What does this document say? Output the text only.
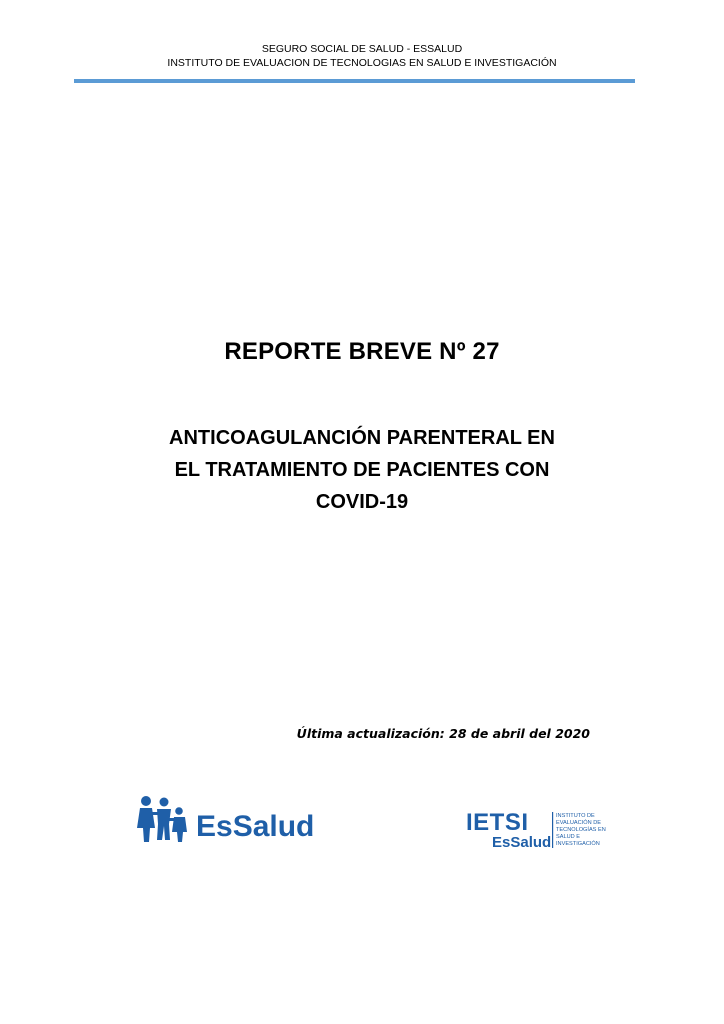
SEGURO SOCIAL DE SALUD - ESSALUD
INSTITUTO DE EVALUACION DE TECNOLOGIAS EN SALUD E INVESTIGACIÓN
REPORTE BREVE Nº 27
ANTICOAGULANCIÓN PARENTERAL EN
EL TRATAMIENTO DE PACIENTES CON
COVID-19
Última actualización: 28 de abril del 2020
EsSalud	IETSI
EsSalud
INSTITUTO DE
EVALUACIÓN DE
TECNOLOGÍAS EN
SALUD E
INVESTIGACIÓN
